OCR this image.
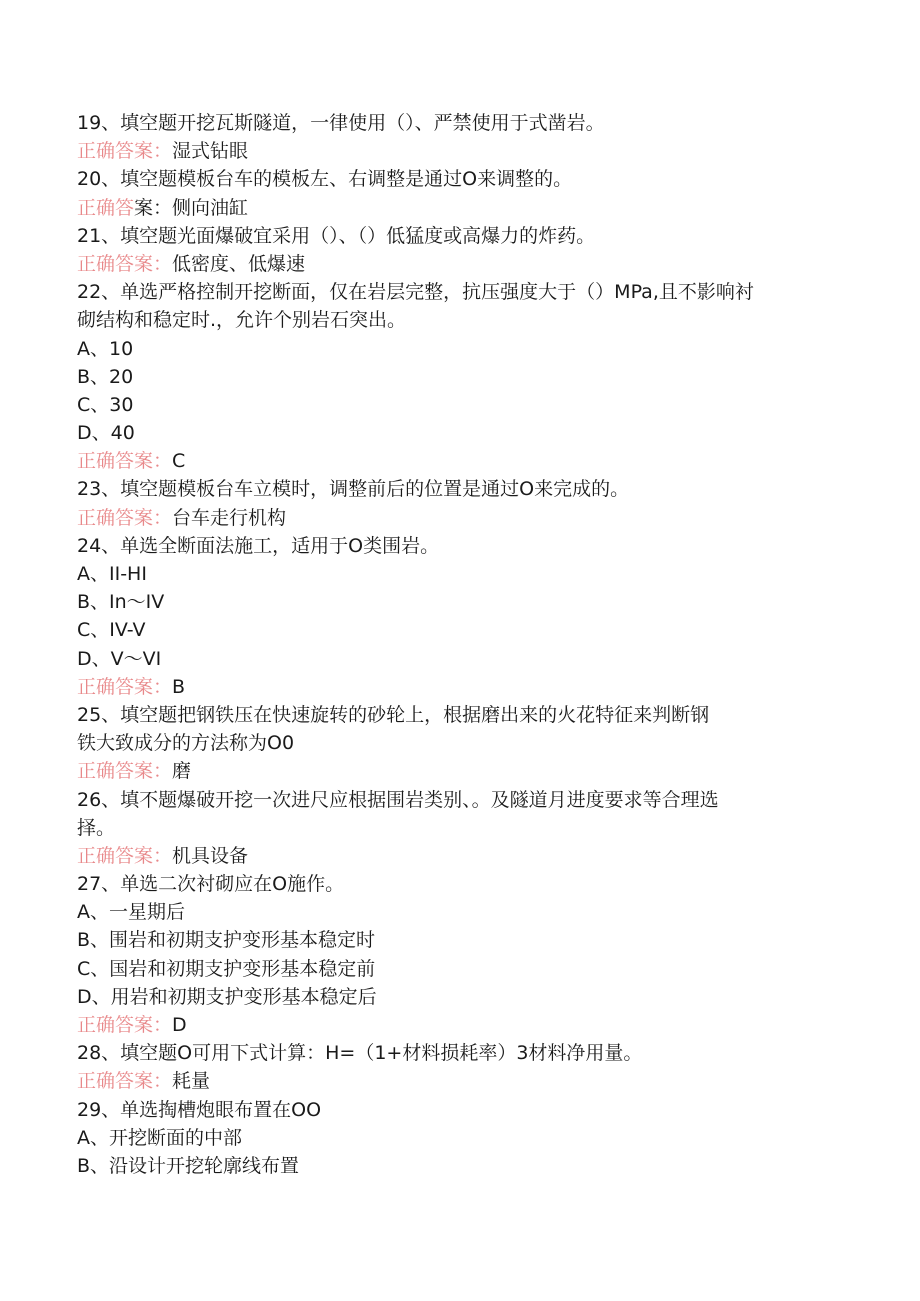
19、填空题开挖瓦斯隧道，一律使用（）、严禁使用于式凿岩。
正确答案：湿式钻眼
20、填空题模板台车的模板左、右调整是通过O来调整的。
正确答案：侧向油缸
21、填空题光面爆破宜采用（）、（）低猛度或高爆力的炸药。
正确答案：低密度、低爆速
22、单选严格控制开挖断面，仅在岩层完整，抗压强度大于（）MPa,且不影响衬
砌结构和稳定时.，允许个别岩石突出。
A、10
B、20
C、30
D、40
正确答案：C
23、填空题模板台车立模时，调整前后的位置是通过O来完成的。
正确答案：台车走行机构
24、单选全断面法施工，适用于O类围岩。
A、II-HI
B、In〜IV
C、IV-V
D、V〜VI
正确答案：B
25、填空题把钢铁压在快速旋转的砂轮上，根据磨出来的火花特征来判断钢
铁大致成分的方法称为O0
正确答案：磨
26、填不题爆破开挖一次进尺应根据围岩类别、。及隧道月进度要求等合理选
择。
正确答案：机具设备
27、单选二次衬砌应在O施作。
A、一星期后
B、围岩和初期支护变形基本稳定时
C、国岩和初期支护变形基本稳定前
D、用岩和初期支护变形基本稳定后
正确答案：D
28、填空题O可用下式计算：H=（1+材料损耗率）3材料净用量。
正确答案：耗量
29、单选掏槽炮眼布置在OO
A、开挖断面的中部
B、沿设计开挖轮廓线布置
